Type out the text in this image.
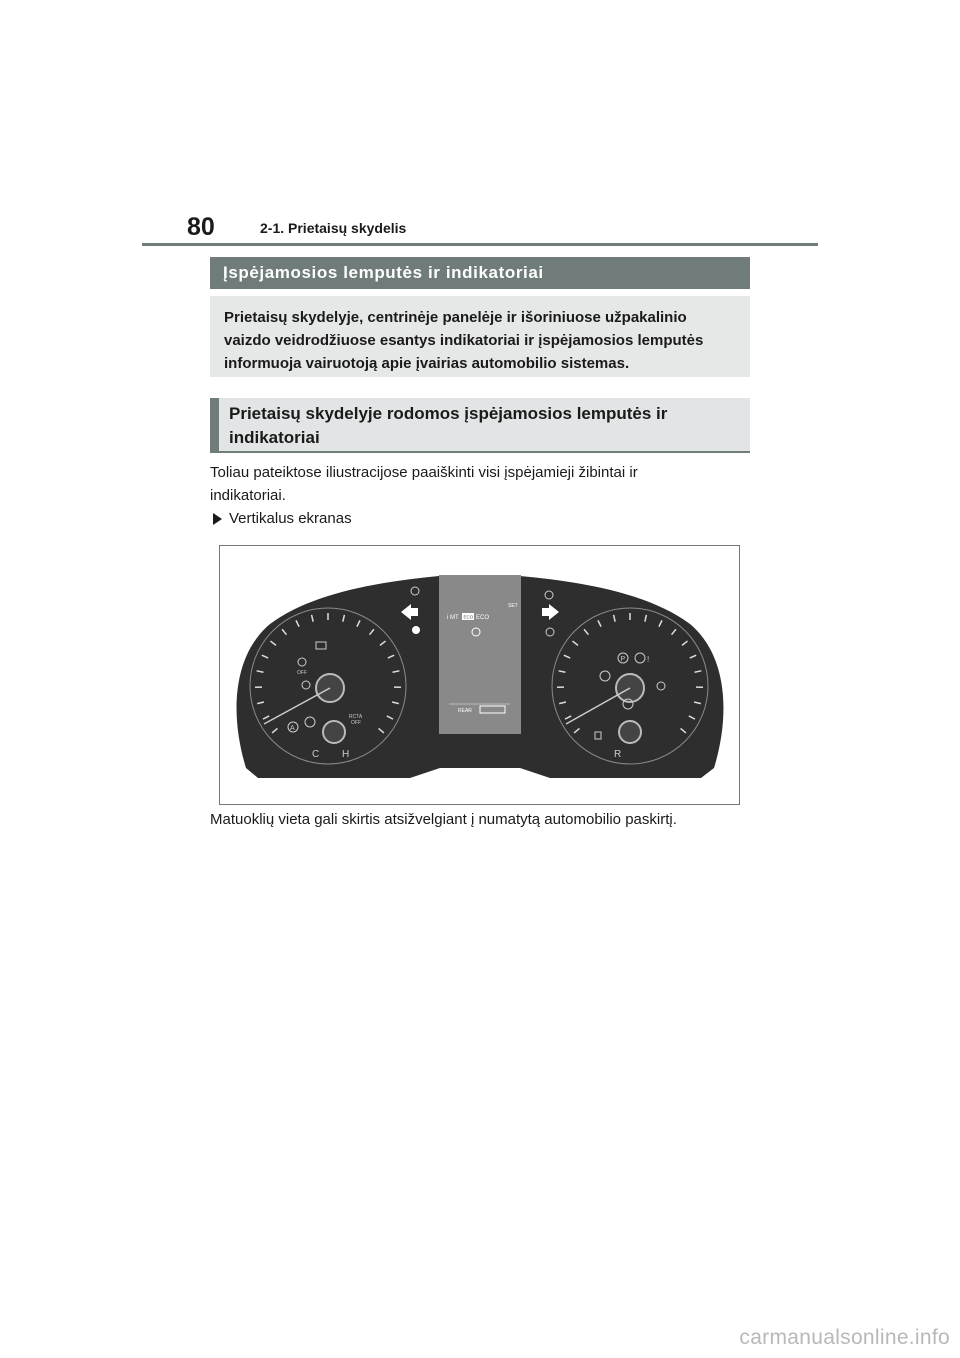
80	2-1. Prietaisų skydelis
Įspėjamosios lemputės ir indikatoriai
Prietaisų skydelyje, centrinėje panelėje ir išoriniuose užpakalinio
vaizdo veidrodžiuose esantys indikatoriai ir įspėjamosios lemputės
informuoja vairuotoją apie įvairias automobilio sistemas.
Prietaisų skydelyje rodomos įspėjamosios lemputės ir
indikatoriai
Toliau pateiktose iliustracijose paaiškinti visi įspėjamieji žibintai ir
indikatoriai.
Vertikalus ekranas
C H
OFF
A
RCTA
OFF
R
P	!
i MT ECO ECO
SET
REAR
Matuoklių vieta gali skirtis atsižvelgiant į numatytą automobilio paskirtį.
carmanualsonline.info
